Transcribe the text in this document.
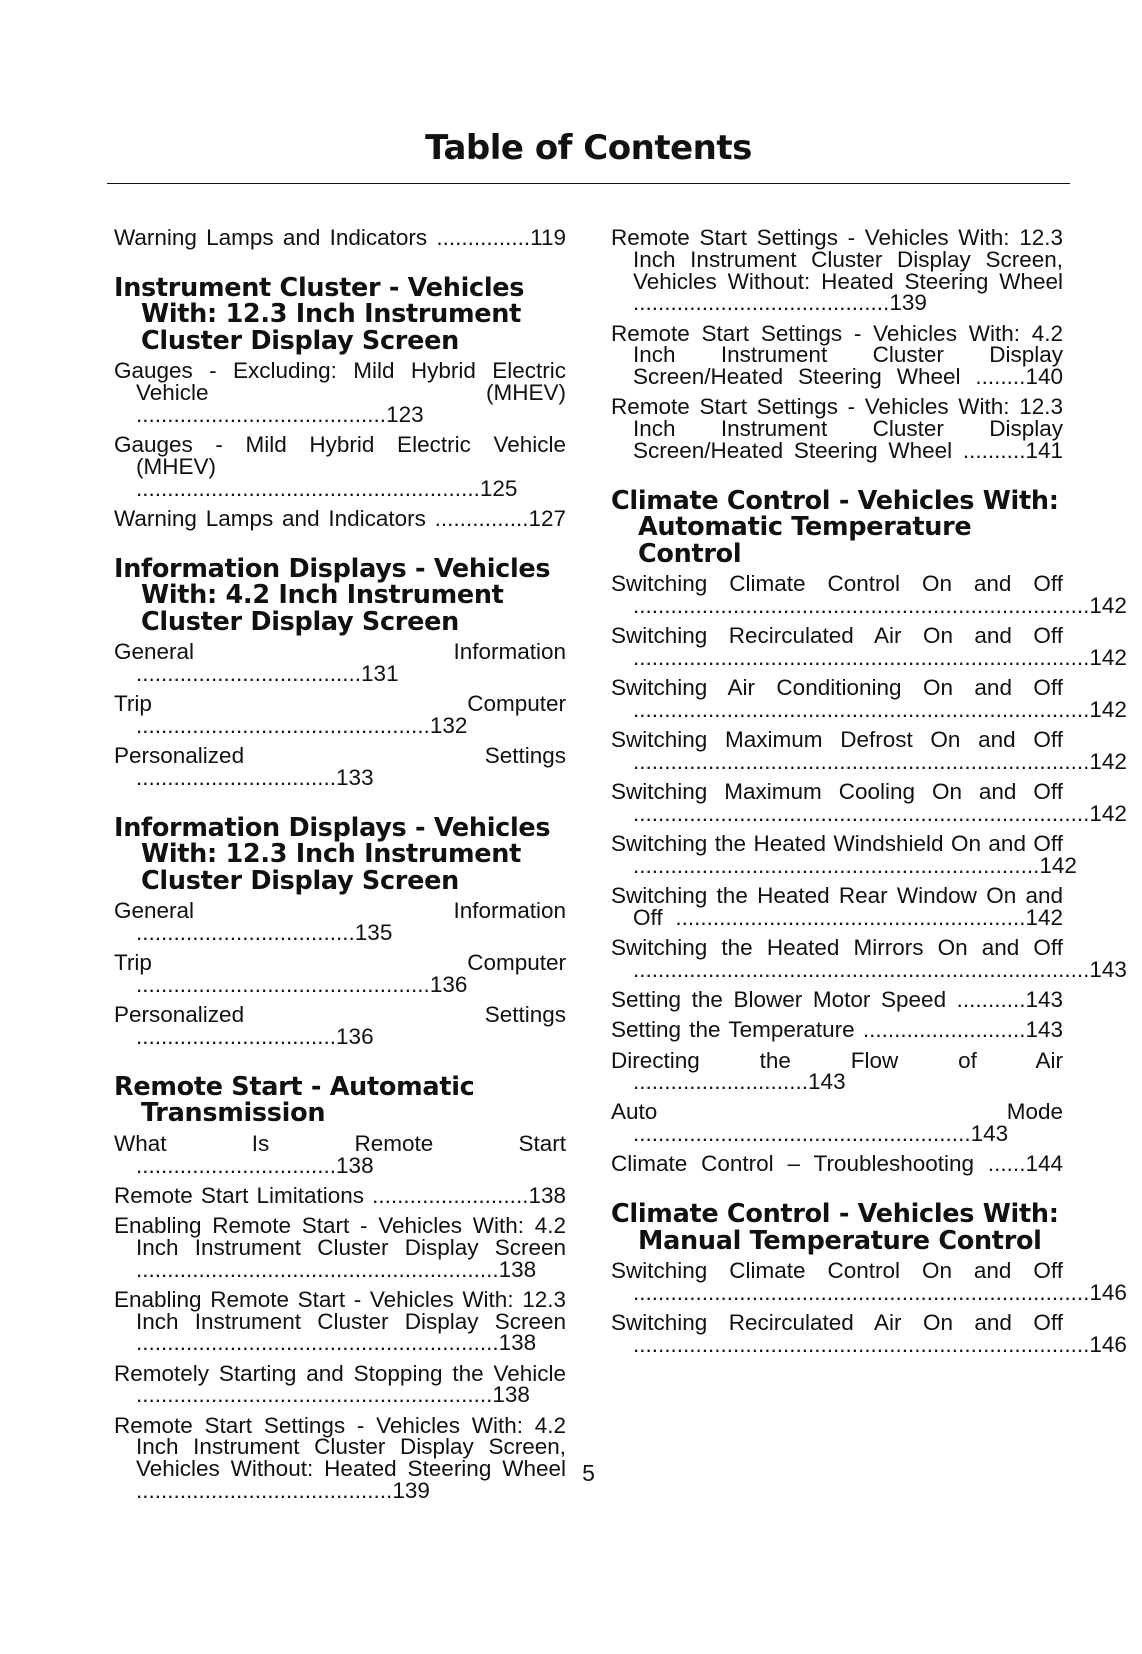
Table of Contents
Warning Lamps and Indicators ...............119
Instrument Cluster - Vehicles With: 12.3 Inch Instrument Cluster Display Screen
Gauges - Excluding: Mild Hybrid Electric Vehicle (MHEV) ........................................123
Gauges - Mild Hybrid Electric Vehicle (MHEV) .......................................................125
Warning Lamps and Indicators ...............127
Information Displays - Vehicles With: 4.2 Inch Instrument Cluster Display Screen
General Information ....................................131
Trip Computer ...............................................132
Personalized Settings ................................133
Information Displays - Vehicles With: 12.3 Inch Instrument Cluster Display Screen
General Information ...................................135
Trip Computer ...............................................136
Personalized Settings ................................136
Remote Start - Automatic Transmission
What Is Remote Start ................................138
Remote Start Limitations .........................138
Enabling Remote Start - Vehicles With: 4.2 Inch Instrument Cluster Display Screen ..........................................................138
Enabling Remote Start - Vehicles With: 12.3 Inch Instrument Cluster Display Screen ..........................................................138
Remotely Starting and Stopping the Vehicle .........................................................138
Remote Start Settings - Vehicles With: 4.2 Inch Instrument Cluster Display Screen, Vehicles Without: Heated Steering Wheel .........................................139
Remote Start Settings - Vehicles With: 12.3 Inch Instrument Cluster Display Screen, Vehicles Without: Heated Steering Wheel .........................................139
Remote Start Settings - Vehicles With: 4.2 Inch Instrument Cluster Display Screen/Heated Steering Wheel ........140
Remote Start Settings - Vehicles With: 12.3 Inch Instrument Cluster Display Screen/Heated Steering Wheel ..........141
Climate Control - Vehicles With: Automatic Temperature Control
Switching Climate Control On and Off .........................................................................142
Switching Recirculated Air On and Off .........................................................................142
Switching Air Conditioning On and Off .........................................................................142
Switching Maximum Defrost On and Off .........................................................................142
Switching Maximum Cooling On and Off .........................................................................142
Switching the Heated Windshield On and Off .................................................................142
Switching the Heated Rear Window On and Off ........................................................142
Switching the Heated Mirrors On and Off .........................................................................143
Setting the Blower Motor Speed ...........143
Setting the Temperature ..........................143
Directing the Flow of Air ............................143
Auto Mode ......................................................143
Climate Control – Troubleshooting ......144
Climate Control - Vehicles With: Manual Temperature Control
Switching Climate Control On and Off .........................................................................146
Switching Recirculated Air On and Off .........................................................................146
5
